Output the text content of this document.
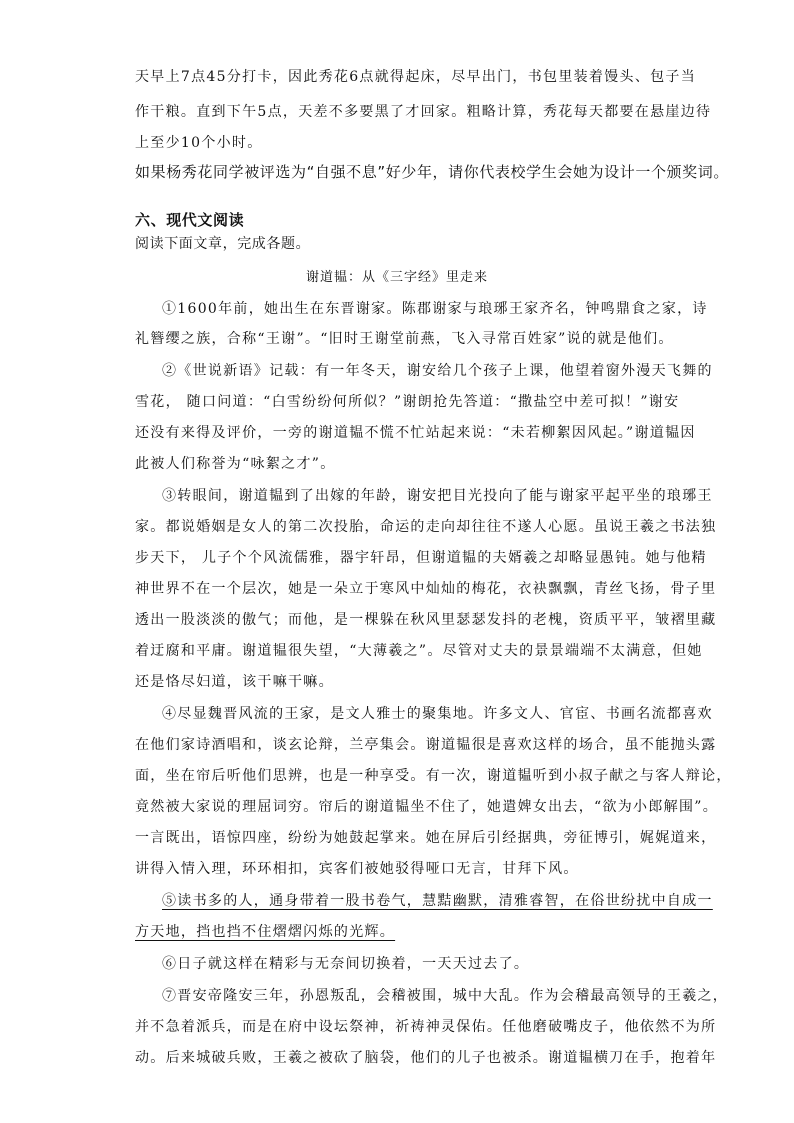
天早上7点45分打卡，因此秀花6点就得起床，尽早出门，书包里装着馒头、包子当
作干粮。直到下午5点，天差不多要黑了才回家。粗略计算，秀花每天都要在悬崖边待
上至少10个小时。
如果杨秀花同学被评选为“自强不息”好少年，请你代表校学生会她为设计一个颁奖词。
六、现代文阅读
阅读下面文章，完成各题。
谢道韫：从《三字经》里走来
①1600年前，她出生在东晋谢家。陈郡谢家与琅琊王家齐名，钟鸣鼎食之家，诗
礼簪缨之族，合称“王谢”。“旧时王谢堂前燕，飞入寻常百姓家”说的就是他们。
②《世说新语》记载：有一年冬天，谢安给几个孩子上课，他望着窗外漫天飞舞的
雪花， 随口问道：“白雪纷纷何所似？”谢朗抢先答道：“撒盐空中差可拟！”谢安
还没有来得及评价，一旁的谢道韫不慌不忙站起来说：“未若柳絮因风起。”谢道韫因
此被人们称誉为“咏絮之才”。
③转眼间，谢道韫到了出嫁的年龄，谢安把目光投向了能与谢家平起平坐的琅琊王
家。都说婚姻是女人的第二次投胎，命运的走向却往往不遂人心愿。虽说王羲之书法独
步天下， 儿子个个风流儒雅，器宇轩昂，但谢道韫的夫婿羲之却略显愚钝。她与他精
神世界不在一个层次，她是一朵立于寒风中灿灿的梅花，衣袂飘飘，青丝飞扬，骨子里
透出一股淡淡的傲气；而他，是一棵躲在秋风里瑟瑟发抖的老槐，资质平平，皱褶里藏
着迂腐和平庸。谢道韫很失望，“大薄羲之”。尽管对丈夫的景景端端不太满意，但她
还是恪尽妇道，该干嘛干嘛。
④尽显魏晋风流的王家，是文人雅士的聚集地。许多文人、官宦、书画名流都喜欢
在他们家诗酒唱和，谈玄论辩，兰亭集会。谢道韫很是喜欢这样的场合，虽不能抛头露
面，坐在帘后听他们思辨，也是一种享受。有一次，谢道韫听到小叔子献之与客人辩论，
竟然被大家说的理屈词穷。帘后的谢道韫坐不住了，她遣婢女出去，“欲为小郎解围”。
一言既出，语惊四座，纷纷为她鼓起掌来。她在屏后引经据典，旁征博引，娓娓道来，
讲得入情入理，环环相扣，宾客们被她驳得哑口无言，甘拜下风。
⑤读书多的人，通身带着一股书卷气，慧黠幽默，清雅睿智，在俗世纷扰中自成一
方天地，挡也挡不住熠熠闪烁的光辉。
⑥日子就这样在精彩与无奈间切换着，一天天过去了。
⑦晋安帝隆安三年，孙恩叛乱，会稽被围，城中大乱。作为会稽最高领导的王羲之，
并不急着派兵，而是在府中设坛祭神，祈祷神灵保佑。任他磨破嘴皮子，他依然不为所
动。后来城破兵败，王羲之被砍了脑袋，他们的儿子也被杀。谢道韫横刀在手，抱着年
